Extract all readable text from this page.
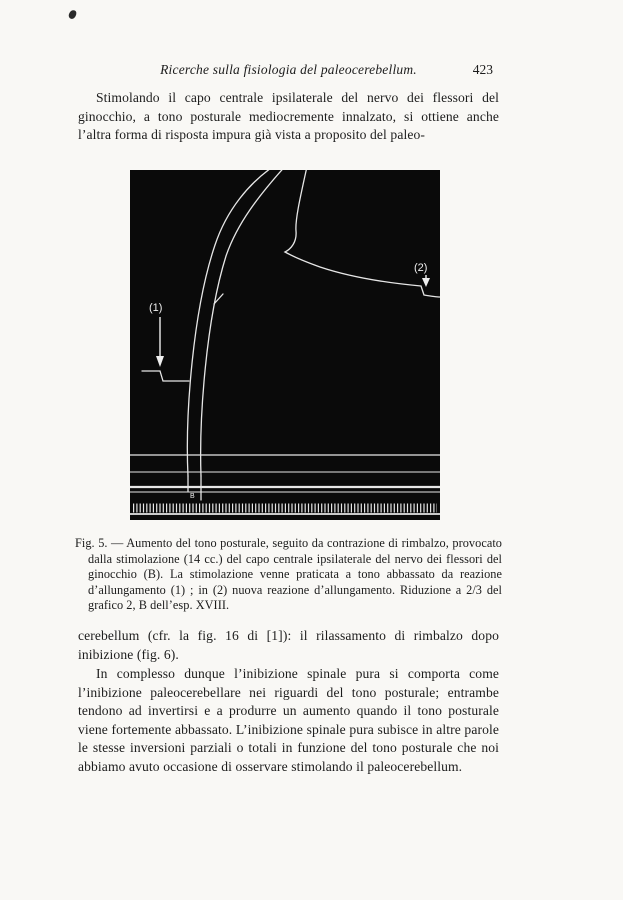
Ricerche sulla fisiologia del paleocerebellum.	423

Stimolando il capo centrale ipsilaterale del nervo dei flessori del ginocchio, a tono posturale mediocremente innalzato, si ottiene anche l’altra forma di risposta impura già vista a proposito del paleo-

(1)
(2)
B
Fig. 5. — Aumento del tono posturale, seguito da contrazione di rimbalzo, provocato dalla stimolazione (14 cc.) del capo centrale ipsilaterale del nervo dei flessori del ginocchio (B). La stimolazione venne praticata a tono abbassato da reazione d’allungamento (1) ; in (2) nuova reazione d’allungamento. Riduzione a 2/3 del grafico 2, B dell’esp. XVIII.

cerebellum (cfr. la fig. 16 di [1]): il rilassamento di rimbalzo dopo inibizione (fig. 6).

In complesso dunque l’inibizione spinale pura si comporta come l’inibizione paleocerebellare nei riguardi del tono posturale; entrambe tendono ad invertirsi e a produrre un aumento quando il tono posturale viene fortemente abbassato. L’inibizione spinale pura subisce in altre parole le stesse inversioni parziali o totali in funzione del tono posturale che noi abbiamo avuto occasione di osservare stimolando il paleocerebellum.
